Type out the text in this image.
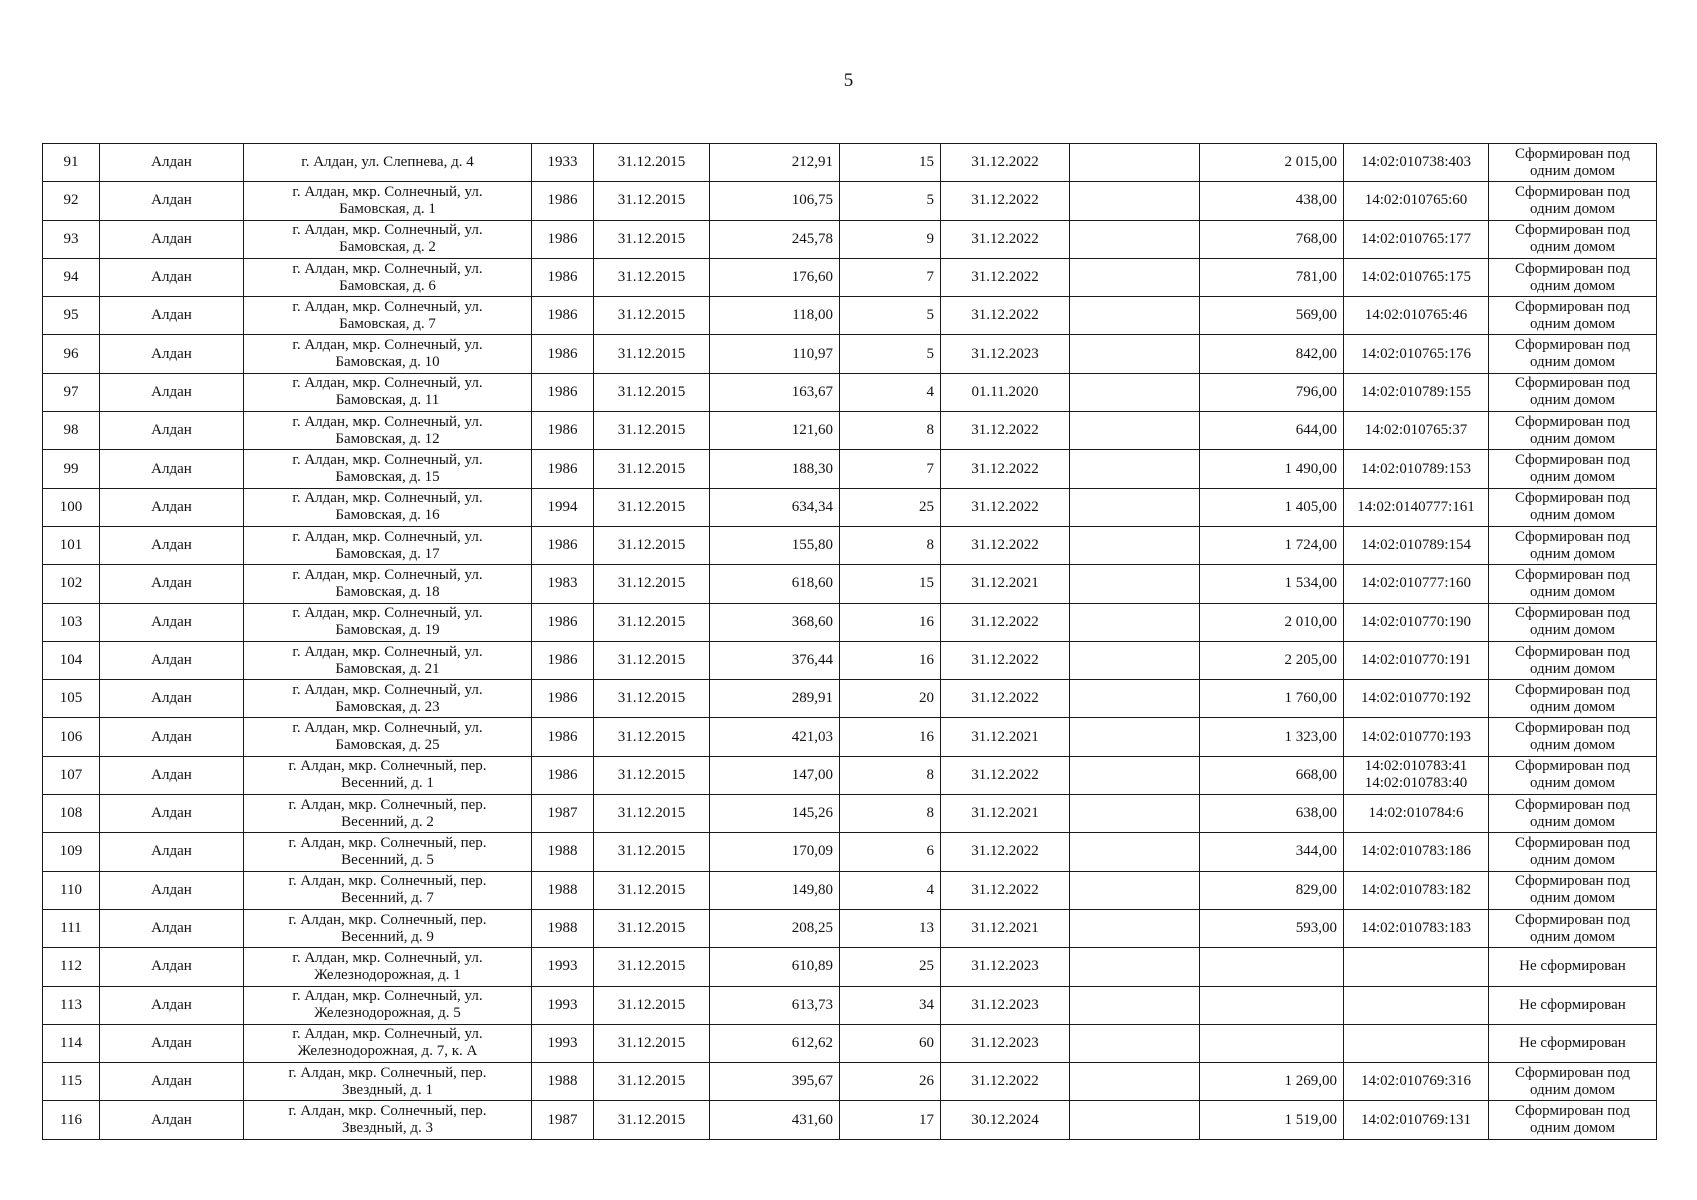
5
91	Алдан	г. Алдан, ул. Слепнева, д. 4	1933	31.12.2015	212,91	15	31.12.2022		2 015,00	14:02:010738:403	Сформирован под
одним домом

92	Алдан	г. Алдан, мкр. Солнечный, ул.
Бамовская, д. 1	1986	31.12.2015	106,75	5	31.12.2022		438,00	14:02:010765:60	Сформирован под
одним домом

93	Алдан	г. Алдан, мкр. Солнечный, ул.
Бамовская, д. 2	1986	31.12.2015	245,78	9	31.12.2022		768,00	14:02:010765:177	Сформирован под
одним домом

94	Алдан	г. Алдан, мкр. Солнечный, ул.
Бамовская, д. 6	1986	31.12.2015	176,60	7	31.12.2022		781,00	14:02:010765:175	Сформирован под
одним домом

95	Алдан	г. Алдан, мкр. Солнечный, ул.
Бамовская, д. 7	1986	31.12.2015	118,00	5	31.12.2022		569,00	14:02:010765:46	Сформирован под
одним домом

96	Алдан	г. Алдан, мкр. Солнечный, ул.
Бамовская, д. 10	1986	31.12.2015	110,97	5	31.12.2023		842,00	14:02:010765:176	Сформирован под
одним домом

97	Алдан	г. Алдан, мкр. Солнечный, ул.
Бамовская, д. 11	1986	31.12.2015	163,67	4	01.11.2020		796,00	14:02:010789:155	Сформирован под
одним домом

98	Алдан	г. Алдан, мкр. Солнечный, ул.
Бамовская, д. 12	1986	31.12.2015	121,60	8	31.12.2022		644,00	14:02:010765:37	Сформирован под
одним домом

99	Алдан	г. Алдан, мкр. Солнечный, ул.
Бамовская, д. 15	1986	31.12.2015	188,30	7	31.12.2022		1 490,00	14:02:010789:153	Сформирован под
одним домом

100	Алдан	г. Алдан, мкр. Солнечный, ул.
Бамовская, д. 16	1994	31.12.2015	634,34	25	31.12.2022		1 405,00	14:02:0140777:161	Сформирован под
одним домом

101	Алдан	г. Алдан, мкр. Солнечный, ул.
Бамовская, д. 17	1986	31.12.2015	155,80	8	31.12.2022		1 724,00	14:02:010789:154	Сформирован под
одним домом

102	Алдан	г. Алдан, мкр. Солнечный, ул.
Бамовская, д. 18	1983	31.12.2015	618,60	15	31.12.2021		1 534,00	14:02:010777:160	Сформирован под
одним домом

103	Алдан	г. Алдан, мкр. Солнечный, ул.
Бамовская, д. 19	1986	31.12.2015	368,60	16	31.12.2022		2 010,00	14:02:010770:190	Сформирован под
одним домом

104	Алдан	г. Алдан, мкр. Солнечный, ул.
Бамовская, д. 21	1986	31.12.2015	376,44	16	31.12.2022		2 205,00	14:02:010770:191	Сформирован под
одним домом

105	Алдан	г. Алдан, мкр. Солнечный, ул.
Бамовская, д. 23	1986	31.12.2015	289,91	20	31.12.2022		1 760,00	14:02:010770:192	Сформирован под
одним домом

106	Алдан	г. Алдан, мкр. Солнечный, ул.
Бамовская, д. 25	1986	31.12.2015	421,03	16	31.12.2021		1 323,00	14:02:010770:193	Сформирован под
одним домом

107	Алдан	г. Алдан, мкр. Солнечный, пер.
Весенний, д. 1	1986	31.12.2015	147,00	8	31.12.2022		668,00	14:02:010783:41
14:02:010783:40	Сформирован под
одним домом

108	Алдан	г. Алдан, мкр. Солнечный, пер.
Весенний, д. 2	1987	31.12.2015	145,26	8	31.12.2021		638,00	14:02:010784:6	Сформирован под
одним домом

109	Алдан	г. Алдан, мкр. Солнечный, пер.
Весенний, д. 5	1988	31.12.2015	170,09	6	31.12.2022		344,00	14:02:010783:186	Сформирован под
одним домом

110	Алдан	г. Алдан, мкр. Солнечный, пер.
Весенний, д. 7	1988	31.12.2015	149,80	4	31.12.2022		829,00	14:02:010783:182	Сформирован под
одним домом

111	Алдан	г. Алдан, мкр. Солнечный, пер.
Весенний, д. 9	1988	31.12.2015	208,25	13	31.12.2021		593,00	14:02:010783:183	Сформирован под
одним домом

112	Алдан	г. Алдан, мкр. Солнечный, ул.
Железнодорожная, д. 1	1993	31.12.2015	610,89	25	31.12.2023				Не сформирован

113	Алдан	г. Алдан, мкр. Солнечный, ул.
Железнодорожная, д. 5	1993	31.12.2015	613,73	34	31.12.2023				Не сформирован

114	Алдан	г. Алдан, мкр. Солнечный, ул.
Железнодорожная, д. 7, к. А	1993	31.12.2015	612,62	60	31.12.2023				Не сформирован

115	Алдан	г. Алдан, мкр. Солнечный, пер.
Звездный, д. 1	1988	31.12.2015	395,67	26	31.12.2022		1 269,00	14:02:010769:316	Сформирован под
одним домом

116	Алдан	г. Алдан, мкр. Солнечный, пер.
Звездный, д. 3	1987	31.12.2015	431,60	17	30.12.2024		1 519,00	14:02:010769:131	Сформирован под
одним домом
